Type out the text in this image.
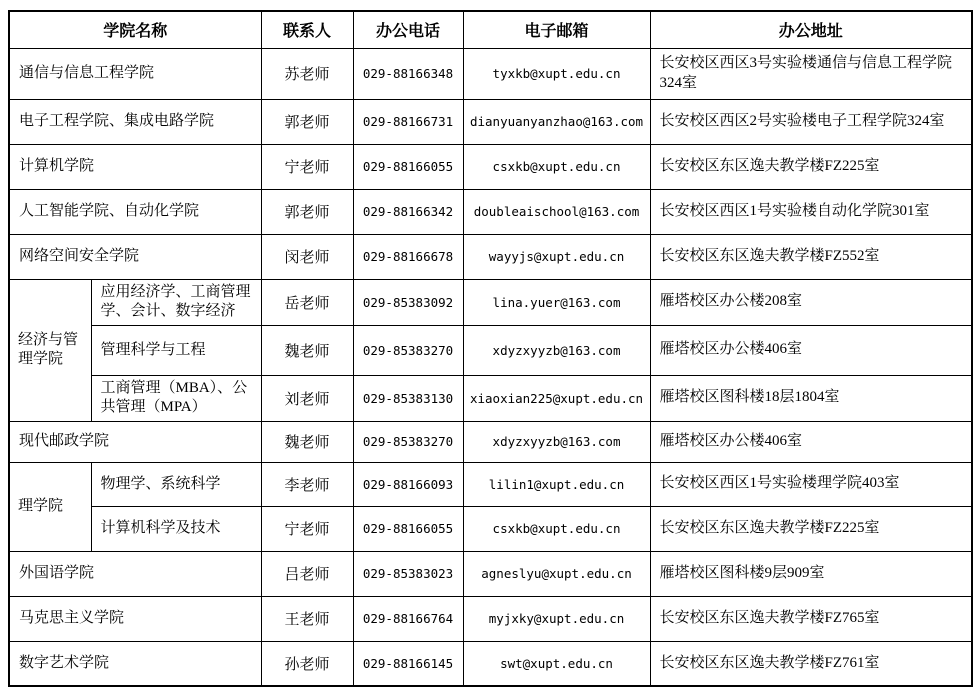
学院名称		联系人	办公电话	电子邮箱	办公地址
通信与信息工程学院		苏老师	029-88166348	tyxkb@xupt.edu.cn	长安校区西区3号实验楼通信与信息工程学院324室
电子工程学院、集成电路学院		郭老师	029-88166731	dianyuanyanzhao@163.com	长安校区西区2号实验楼电子工程学院324室
计算机学院		宁老师	029-88166055	csxkb@xupt.edu.cn	长安校区东区逸夫教学楼FZ225室
人工智能学院、自动化学院		郭老师	029-88166342	doubleaischool@163.com	长安校区西区1号实验楼自动化学院301室
网络空间安全学院		闵老师	029-88166678	wayyjs@xupt.edu.cn	长安校区东区逸夫教学楼FZ552室
经济与管理学院	应用经济学、工商管理学、会计、数字经济	岳老师	029-85383092	lina.yuer@163.com	雁塔校区办公楼208室
	管理科学与工程	魏老师	029-85383270	xdyzxyyzb@163.com	雁塔校区办公楼406室
	工商管理（MBA）、公共管理（MPA）	刘老师	029-85383130	xiaoxian225@xupt.edu.cn	雁塔校区图科楼18层1804室
现代邮政学院		魏老师	029-85383270	xdyzxyyzb@163.com	雁塔校区办公楼406室
理学院	物理学、系统科学	李老师	029-88166093	lilin1@xupt.edu.cn	长安校区西区1号实验楼理学院403室
	计算机科学及技术	宁老师	029-88166055	csxkb@xupt.edu.cn	长安校区东区逸夫教学楼FZ225室
外国语学院		吕老师	029-85383023	agneslyu@xupt.edu.cn	雁塔校区图科楼9层909室
马克思主义学院		王老师	029-88166764	myjxky@xupt.edu.cn	长安校区东区逸夫教学楼FZ765室
数字艺术学院		孙老师	029-88166145	swt@xupt.edu.cn	长安校区东区逸夫教学楼FZ761室
